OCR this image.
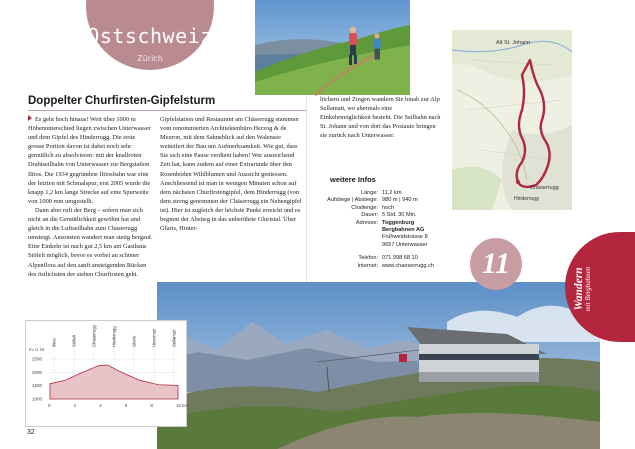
Ostschweiz
Zürich
Doppelter Churfirsten-Gipfelsturm

Es geht hoch hinaus! Weit über 1000 m Höhenunterschied liegen zwischen Unterwasser und dem Gipfel des Hinderrugg. Die erste grosse Portion davon ist dabei noch sehr gemütlich zu absolvieren: mit der knallroten Drahtseilbahn von Unterwasser zur Bergstation Iltios. Die 1934 gegründete Iltiosbahn war eine der letzten mit Schmalspur, erst 2005 wurde die knapp 1,2 km lange Strecke auf eine Spurweite von 1000 mm umgestellt.

Dann aber ruft der Berg – sofern man sich nicht an die Gemütlichkeit gewöhnt hat und gleich in die Luftseilbahn zum Chäserrugg umsteigt. Ansonsten wandert man stetig bergauf. Eine Einkehr ist nach gut 2,5 km am Gasthaus Stöfeli möglich, bevor es vorbei an schöner Alpenflora auf den sanft ansteigenden Rücken des östlichsten der sieben Churfirsten geht.

Gipfelstation und Restaurant am Chäserrugg stammen vom renommierten Architektenbüro Herzog & de Meuron, mit dem Sahneblick auf den Walensee wetteifert der Bau um Aufmerksamkeit. Wie gut, dass Sie sich eine Pause verdient haben! Wer ausreichend Zeit hat, kann zudem auf einer Extrarunde über den Rosenbóden Wildblumen und Aussicht geniessen. Anschliessend ist man in wenigen Minuten schon auf dem nächsten Churfirstengipfel, dem Hinderrugg (von dem streng genommen der Chäserrugg ein Nebengipfel ist). Hier ist zugleich der höchste Punkt erreicht und es beginnt der Abstieg in das unberührte Gluristal. Über Gluris, Hinter-

löchern und Zingen wandern Sie hinab zur Alp Sellamatt, wo abermals eine Einkehrmöglichkeit besteht. Die Seilbahn nach St. Johann und von dort das Postauto bringen sie zurück nach Unterwasser.

weitere Infos
Länge: 11,2 km
Aufstiege | Abstiege: 980 m | 940 m
Challenge: hoch
Dauer: 5 Std. 30 Min.
Adresse: Toggenburg
Bergbahnen AG
Frühweidstrasse 8
9657 Unterwasser
Telefon: 071 998 68 10
Internet: www.chaeserrugg.ch
Alt St. Johann
Chäserrugg
Hinderrugg
11
Wandern mit Bergbahnen
m. ü. M.
2500
2000
1500
1000
0	2	4	6	8	10 km
Iltios	Stöfeli	Chäserrugg	Hinderrugg	Gluris	Untermatt	Sellamatt
32
